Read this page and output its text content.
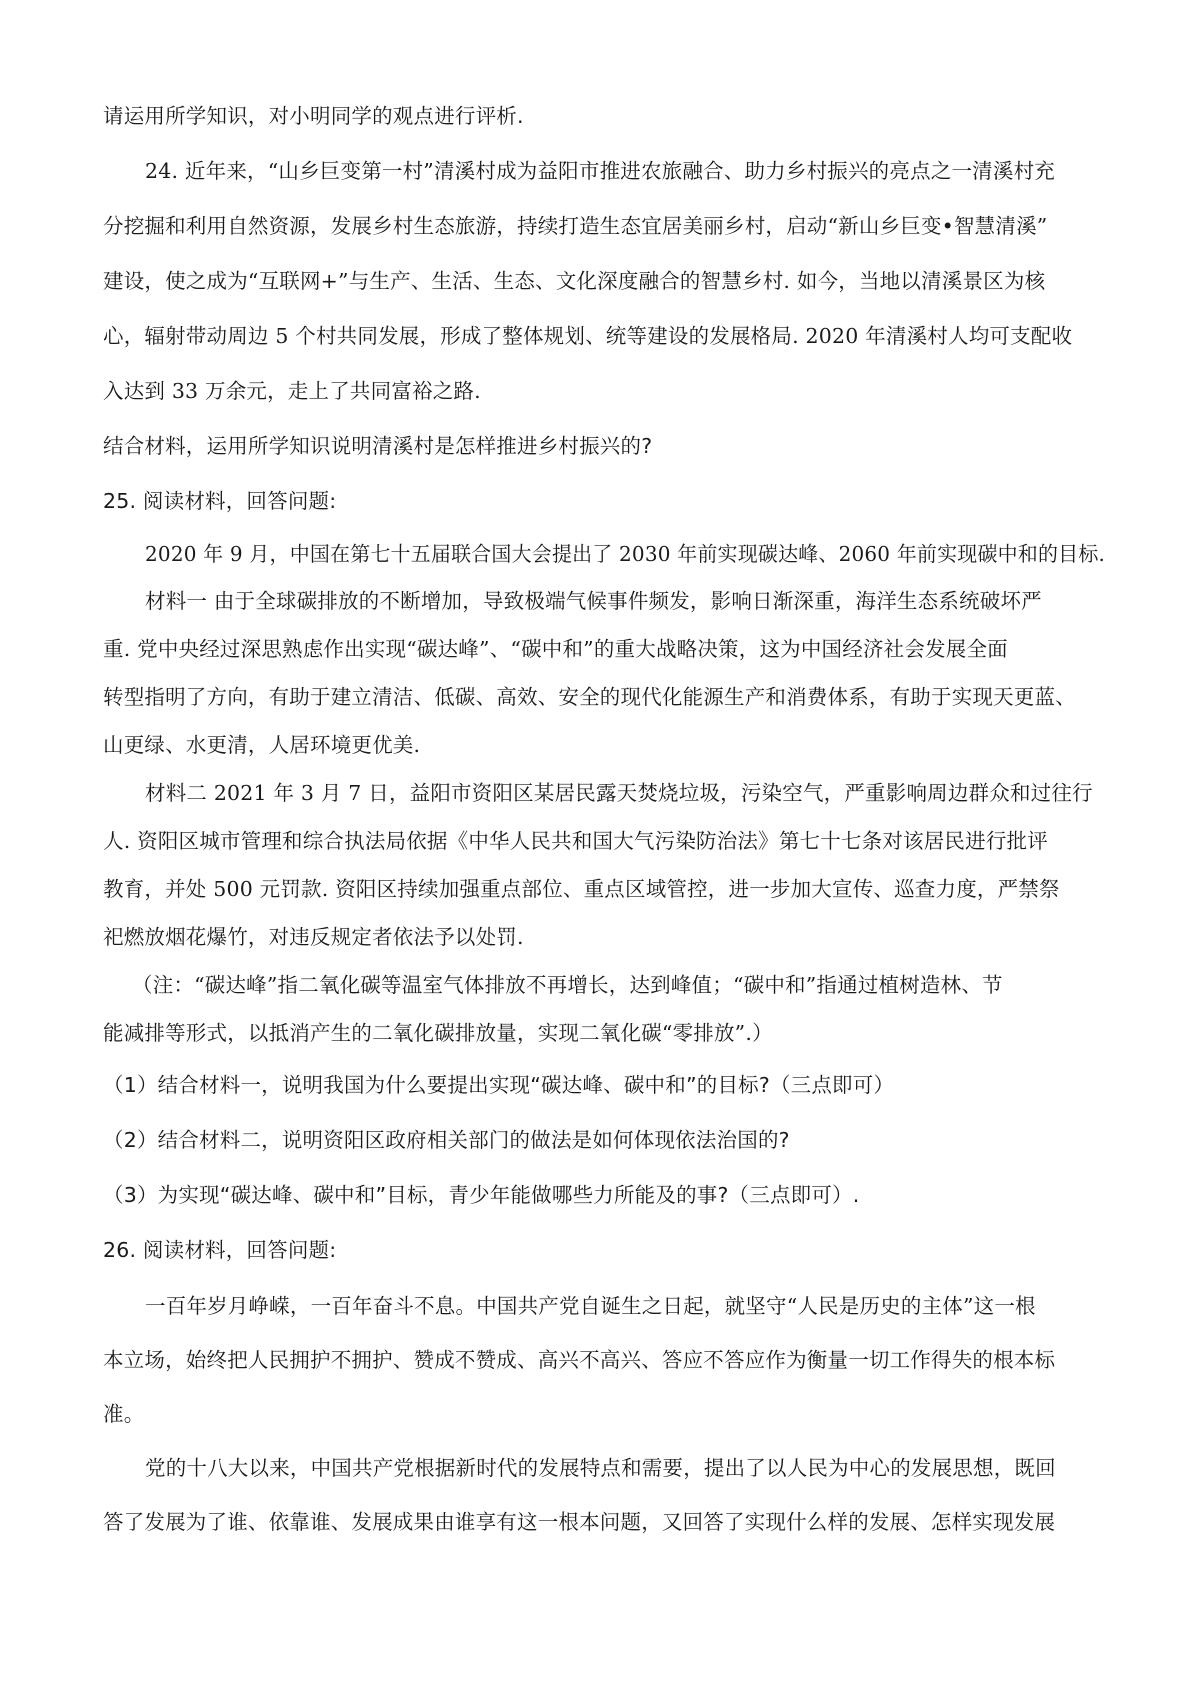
请运用所学知识，对小明同学的观点进行评析.
24. 近年来，“山乡巨变第一村”清溪村成为益阳市推进农旅融合、助力乡村振兴的亮点之一清溪村充
分挖掘和利用自然资源，发展乡村生态旅游，持续打造生态宜居美丽乡村，启动“新山乡巨变•智慧清溪”
建设，使之成为“互联网+”与生产、生活、生态、文化深度融合的智慧乡村. 如今，当地以清溪景区为核
心，辐射带动周边 5 个村共同发展，形成了整体规划、统等建设的发展格局. 2020 年清溪村人均可支配收
入达到 33 万余元，走上了共同富裕之路.
结合材料，运用所学知识说明清溪村是怎样推进乡村振兴的?
25. 阅读材料，回答问题:
2020 年 9 月，中国在第七十五届联合国大会提出了 2030 年前实现碳达峰、2060 年前实现碳中和的目标.
材料一 由于全球碳排放的不断增加，导致极端气候事件频发，影响日渐深重，海洋生态系统破坏严
重. 党中央经过深思熟虑作出实现“碳达峰”、“碳中和”的重大战略决策，这为中国经济社会发展全面
转型指明了方向，有助于建立清洁、低碳、高效、安全的现代化能源生产和消费体系，有助于实现天更蓝、
山更绿、水更清，人居环境更优美.
材料二 2021 年 3 月 7 日，益阳市资阳区某居民露天焚烧垃圾，污染空气，严重影响周边群众和过往行
人. 资阳区城市管理和综合执法局依据《中华人民共和国大气污染防治法》第七十七条对该居民进行批评
教育，并处 500 元罚款. 资阳区持续加强重点部位、重点区域管控，进一步加大宣传、巡查力度，严禁祭
祀燃放烟花爆竹，对违反规定者依法予以处罚.
（注：“碳达峰”指二氧化碳等温室气体排放不再增长，达到峰值；“碳中和”指通过植树造林、节
能减排等形式，以抵消产生的二氧化碳排放量，实现二氧化碳“零排放”.）
（1）结合材料一，说明我国为什么要提出实现“碳达峰、碳中和”的目标?（三点即可）
（2）结合材料二，说明资阳区政府相关部门的做法是如何体现依法治国的?
（3）为实现“碳达峰、碳中和”目标，青少年能做哪些力所能及的事?（三点即可）.
26. 阅读材料，回答问题:
一百年岁月峥嵘，一百年奋斗不息。中国共产党自诞生之日起，就坚守“人民是历史的主体”这一根
本立场，始终把人民拥护不拥护、赞成不赞成、高兴不高兴、答应不答应作为衡量一切工作得失的根本标
准。
党的十八大以来，中国共产党根据新时代的发展特点和需要，提出了以人民为中心的发展思想，既回
答了发展为了谁、依靠谁、发展成果由谁享有这一根本问题，又回答了实现什么样的发展、怎样实现发展
